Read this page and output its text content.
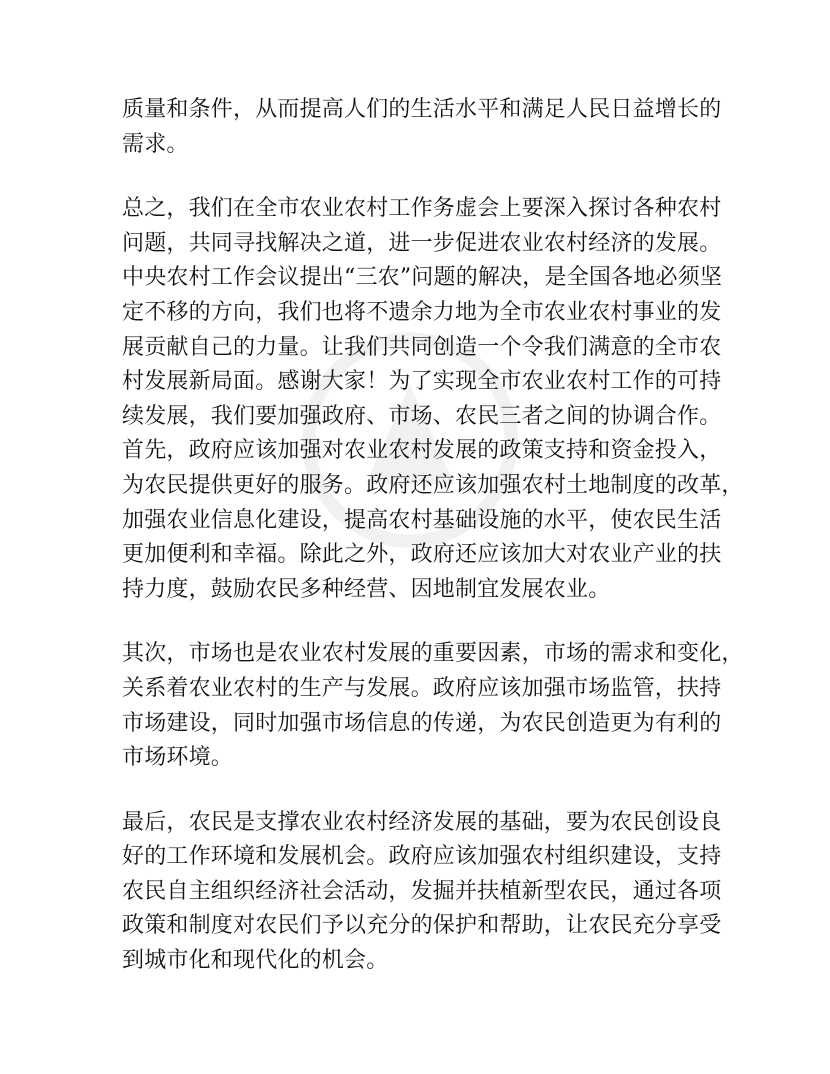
质量和条件，从而提高人们的生活水平和满足人民日益增长的
需求。

总之，我们在全市农业农村工作务虚会上要深入探讨各种农村
问题，共同寻找解决之道，进一步促进农业农村经济的发展。
中央农村工作会议提出“三农”问题的解决，是全国各地必须坚
定不移的方向，我们也将不遗余力地为全市农业农村事业的发
展贡献自己的力量。让我们共同创造一个令我们满意的全市农
村发展新局面。感谢大家！为了实现全市农业农村工作的可持
续发展，我们要加强政府、市场、农民三者之间的协调合作。
首先，政府应该加强对农业农村发展的政策支持和资金投入，
为农民提供更好的服务。政府还应该加强农村土地制度的改革，
加强农业信息化建设，提高农村基础设施的水平，使农民生活
更加便利和幸福。除此之外，政府还应该加大对农业产业的扶
持力度，鼓励农民多种经营、因地制宜发展农业。

其次，市场也是农业农村发展的重要因素，市场的需求和变化，
关系着农业农村的生产与发展。政府应该加强市场监管，扶持
市场建设，同时加强市场信息的传递，为农民创造更为有利的
市场环境。

最后，农民是支撑农业农村经济发展的基础，要为农民创设良
好的工作环境和发展机会。政府应该加强农村组织建设，支持
农民自主组织经济社会活动，发掘并扶植新型农民，通过各项
政策和制度对农民们予以充分的保护和帮助，让农民充分享受
到城市化和现代化的机会。
